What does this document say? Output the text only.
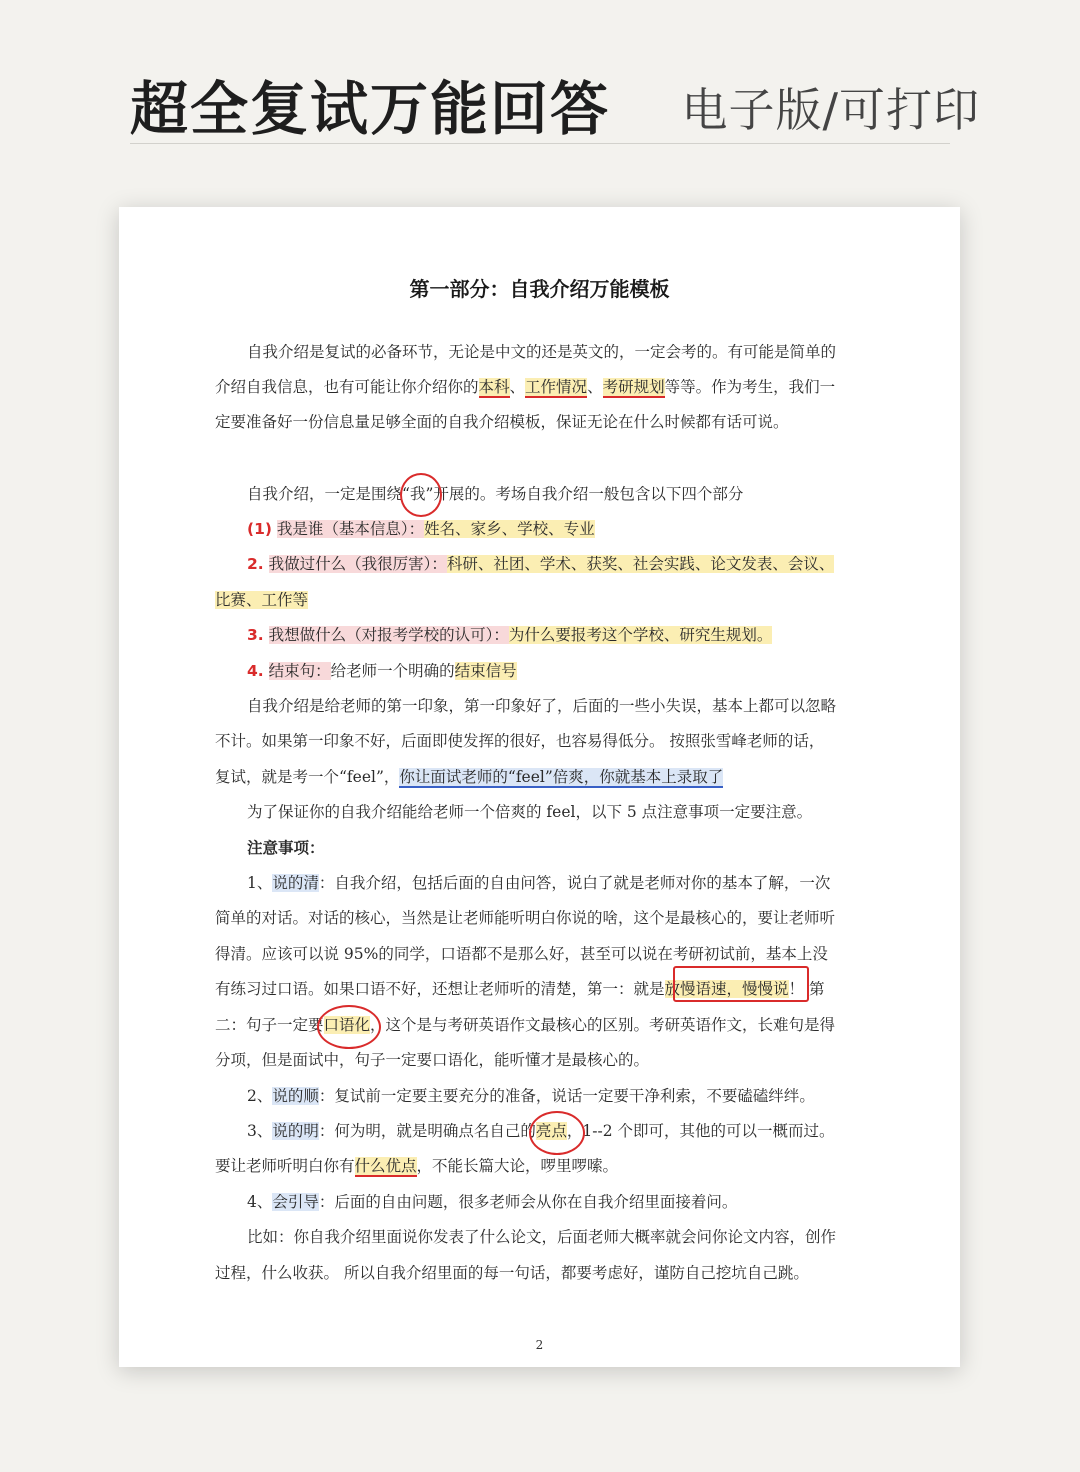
超全复试万能回答 电子版/可打印
第一部分：自我介绍万能模板
自我介绍是复试的必备环节，无论是中文的还是英文的，一定会考的。有可能是简单的
介绍自我信息，也有可能让你介绍你的本科、工作情况、考研规划等等。作为考生，我们一
定要准备好一份信息量足够全面的自我介绍模板，保证无论在什么时候都有话可说。
自我介绍，一定是围绕“我”开展的。考场自我介绍一般包含以下四个部分
(1) 我是谁（基本信息）：姓名、家乡、学校、专业
2. 我做过什么（我很厉害）：科研、社团、学术、获奖、社会实践、论文发表、会议、
比赛、工作等
3. 我想做什么（对报考学校的认可）：为什么要报考这个学校、研究生规划。
4. 结束句：给老师一个明确的结束信号
自我介绍是给老师的第一印象，第一印象好了，后面的一些小失误，基本上都可以忽略
不计。如果第一印象不好，后面即使发挥的很好，也容易得低分。 按照张雪峰老师的话，
复试，就是考一个“feel”，你让面试老师的“feel”倍爽，你就基本上录取了
为了保证你的自我介绍能给老师一个倍爽的 feel，以下 5 点注意事项一定要注意。
注意事项：
1、说的清：自我介绍，包括后面的自由问答，说白了就是老师对你的基本了解，一次
简单的对话。对话的核心，当然是让老师能听明白你说的啥，这个是最核心的，要让老师听
得清。应该可以说 95%的同学，口语都不是那么好，甚至可以说在考研初试前，基本上没
有练习过口语。如果口语不好，还想让老师听的清楚，第一：就是放慢语速，慢慢说！ 第
二：句子一定要口语化，这个是与考研英语作文最核心的区别。考研英语作文，长难句是得
分项，但是面试中，句子一定要口语化，能听懂才是最核心的。
2、说的顺：复试前一定要主要充分的准备，说话一定要干净利索，不要磕磕绊绊。
3、说的明：何为明，就是明确点名自己的亮点，1--2 个即可，其他的可以一概而过。
要让老师听明白你有什么优点，不能长篇大论，啰里啰嗦。
4、会引导：后面的自由问题，很多老师会从你在自我介绍里面接着问。
比如：你自我介绍里面说你发表了什么论文，后面老师大概率就会问你论文内容，创作
过程，什么收获。 所以自我介绍里面的每一句话，都要考虑好，谨防自己挖坑自己跳。
2
